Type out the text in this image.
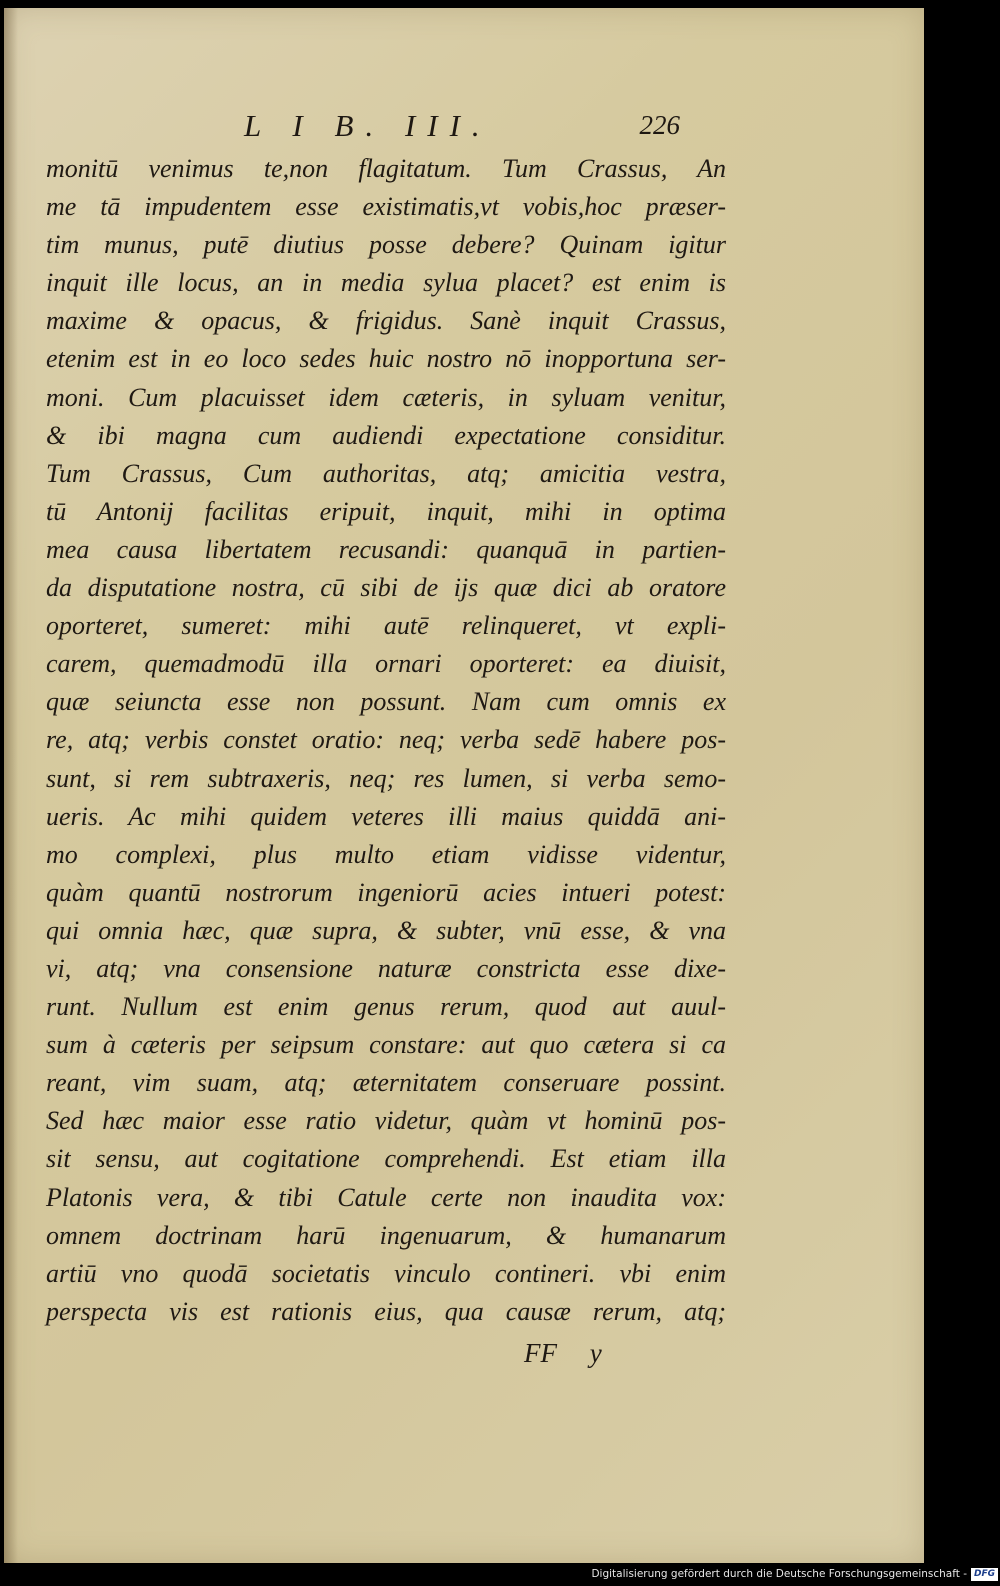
L I B. III.	226
monitū venimus te,non flagitatum. Tum Crassus, An
me tā impudentem esse existimatis,vt vobis,hoc præser-
tim munus, putē diutius posse debere? Quinam igitur
inquit ille locus, an in media sylua placet? est enim is
maxime & opacus, & frigidus. Sanè inquit Crassus,
etenim est in eo loco sedes huic nostro nō inopportuna ser-
moni. Cum placuisset idem cæteris, in syluam venitur,
& ibi magna cum audiendi expectatione considitur.
Tum Crassus, Cum authoritas, atq; amicitia vestra,
tū Antonij facilitas eripuit, inquit, mihi in optima
mea causa libertatem recusandi: quanquā in partien-
da disputatione nostra, cū sibi de ijs quæ dici ab oratore
oporteret, sumeret: mihi autē relinqueret, vt expli-
carem, quemadmodū illa ornari oporteret: ea diuisit,
quæ seiuncta esse non possunt. Nam cum omnis ex
re, atq; verbis constet oratio: neq; verba sedē habere pos-
sunt, si rem subtraxeris, neq; res lumen, si verba semo-
ueris. Ac mihi quidem veteres illi maius quiddā ani-
mo complexi, plus multo etiam vidisse videntur,
quàm quantū nostrorum ingeniorū acies intueri potest:
qui omnia hæc, quæ supra, & subter, vnū esse, & vna
vi, atq; vna consensione naturæ constricta esse dixe-
runt. Nullum est enim genus rerum, quod aut auul-
sum à cæteris per seipsum constare: aut quo cætera si ca
reant, vim suam, atq; æternitatem conseruare possint.
Sed hæc maior esse ratio videtur, quàm vt hominū pos-
sit sensu, aut cogitatione comprehendi. Est etiam illa
Platonis vera, & tibi Catule certe non inaudita vox:
omnem doctrinam harū ingenuarum, & humanarum
artiū vno quodā societatis vinculo contineri. vbi enim
perspecta vis est rationis eius, qua causæ rerum, atq;
FF y
Digitalisierung gefördert durch die Deutsche Forschungsgemeinschaft - DFG
